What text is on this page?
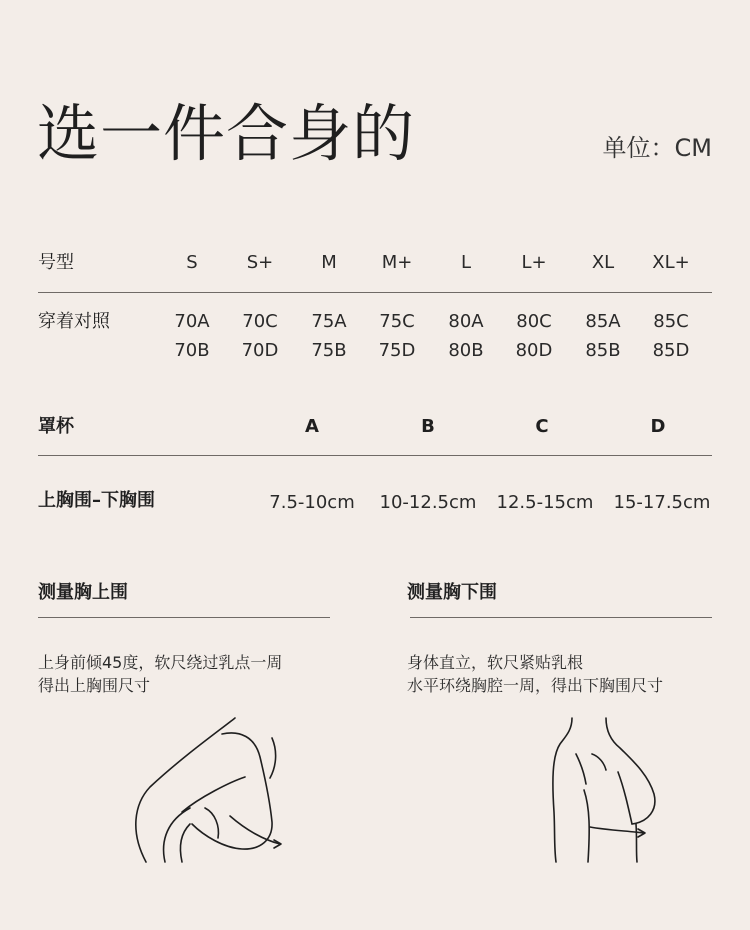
选一件合身的	单位：CM
号型	S	S+	M	M+	L	L+	XL	XL+
穿着对照	70A	70C	75A	75C	80A	80C	85A	85C
70B	70D	75B	75D	80B	80D	85B	85D
罩杯	A	B	C	D
上胸围–下胸围	7.5-10cm	10-12.5cm	12.5-15cm	15-17.5cm
测量胸上围
上身前倾45度，软尺绕过乳点一周
得出上胸围尺寸
测量胸下围
身体直立，软尺紧贴乳根
水平环绕胸腔一周，得出下胸围尺寸
